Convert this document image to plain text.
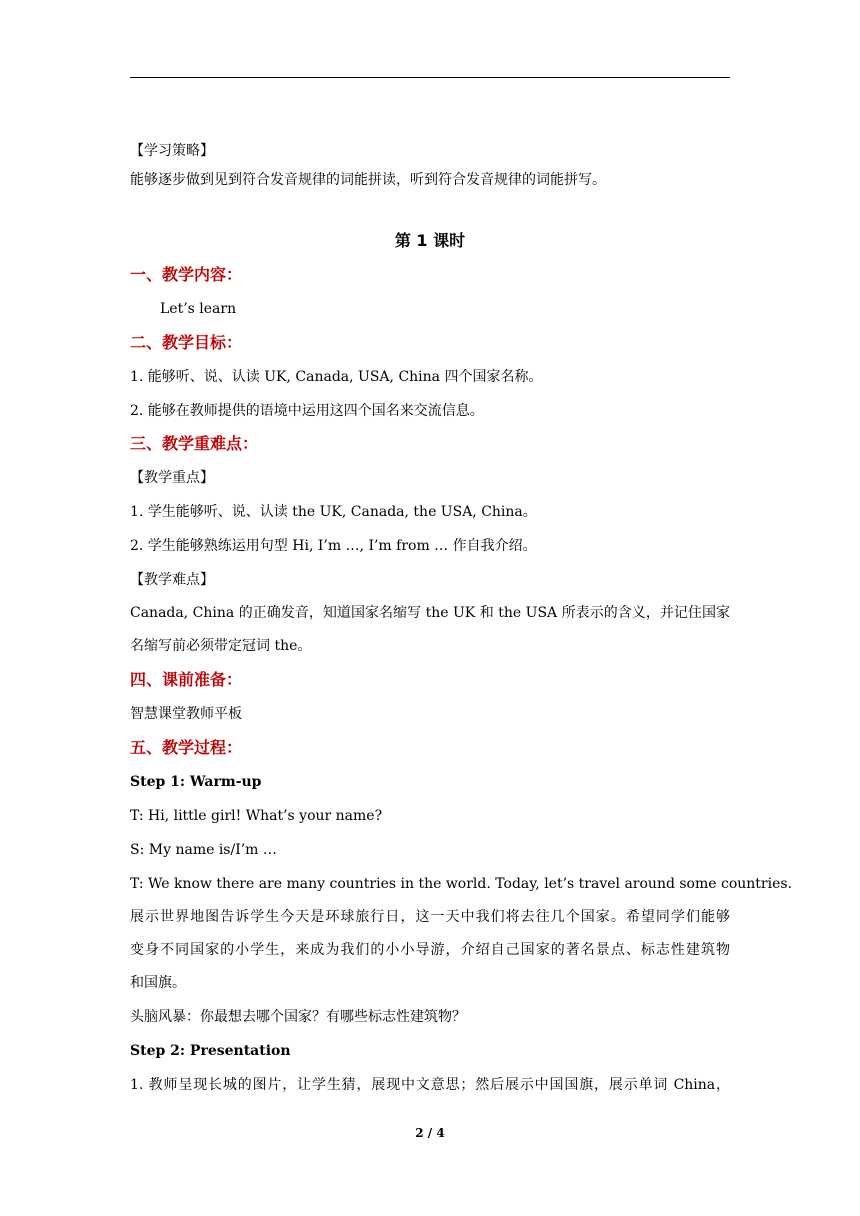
【学习策略】
能够逐步做到见到符合发音规律的词能拼读，听到符合发音规律的词能拼写。
第 1 课时
一、教学内容：
Let’s learn
二、教学目标：
1. 能够听、说、认读 UK, Canada, USA, China 四个国家名称。
2. 能够在教师提供的语境中运用这四个国名来交流信息。
三、教学重难点：
【教学重点】
1. 学生能够听、说、认读 the UK, Canada, the USA, China。
2. 学生能够熟练运用句型 Hi, I’m …, I’m from … 作自我介绍。
【教学难点】
Canada, China 的正确发音，知道国家名缩写 the UK 和 the USA 所表示的含义，并记住国家
名缩写前必须带定冠词 the。
四、课前准备：
智慧课堂教师平板
五、教学过程：
Step 1: Warm-up
T: Hi, little girl! What’s your name?
S: My name is/I’m …
T: We know there are many countries in the world. Today, let’s travel around some countries.
展示世界地图告诉学生今天是环球旅行日，这一天中我们将去往几个国家。希望同学们能够
变身不同国家的小学生，来成为我们的小小导游，介绍自己国家的著名景点、标志性建筑物
和国旗。
头脑风暴：你最想去哪个国家？有哪些标志性建筑物？
Step 2: Presentation
1. 教师呈现长城的图片，让学生猜，展现中文意思；然后展示中国国旗，展示单词 China，
2 / 4
